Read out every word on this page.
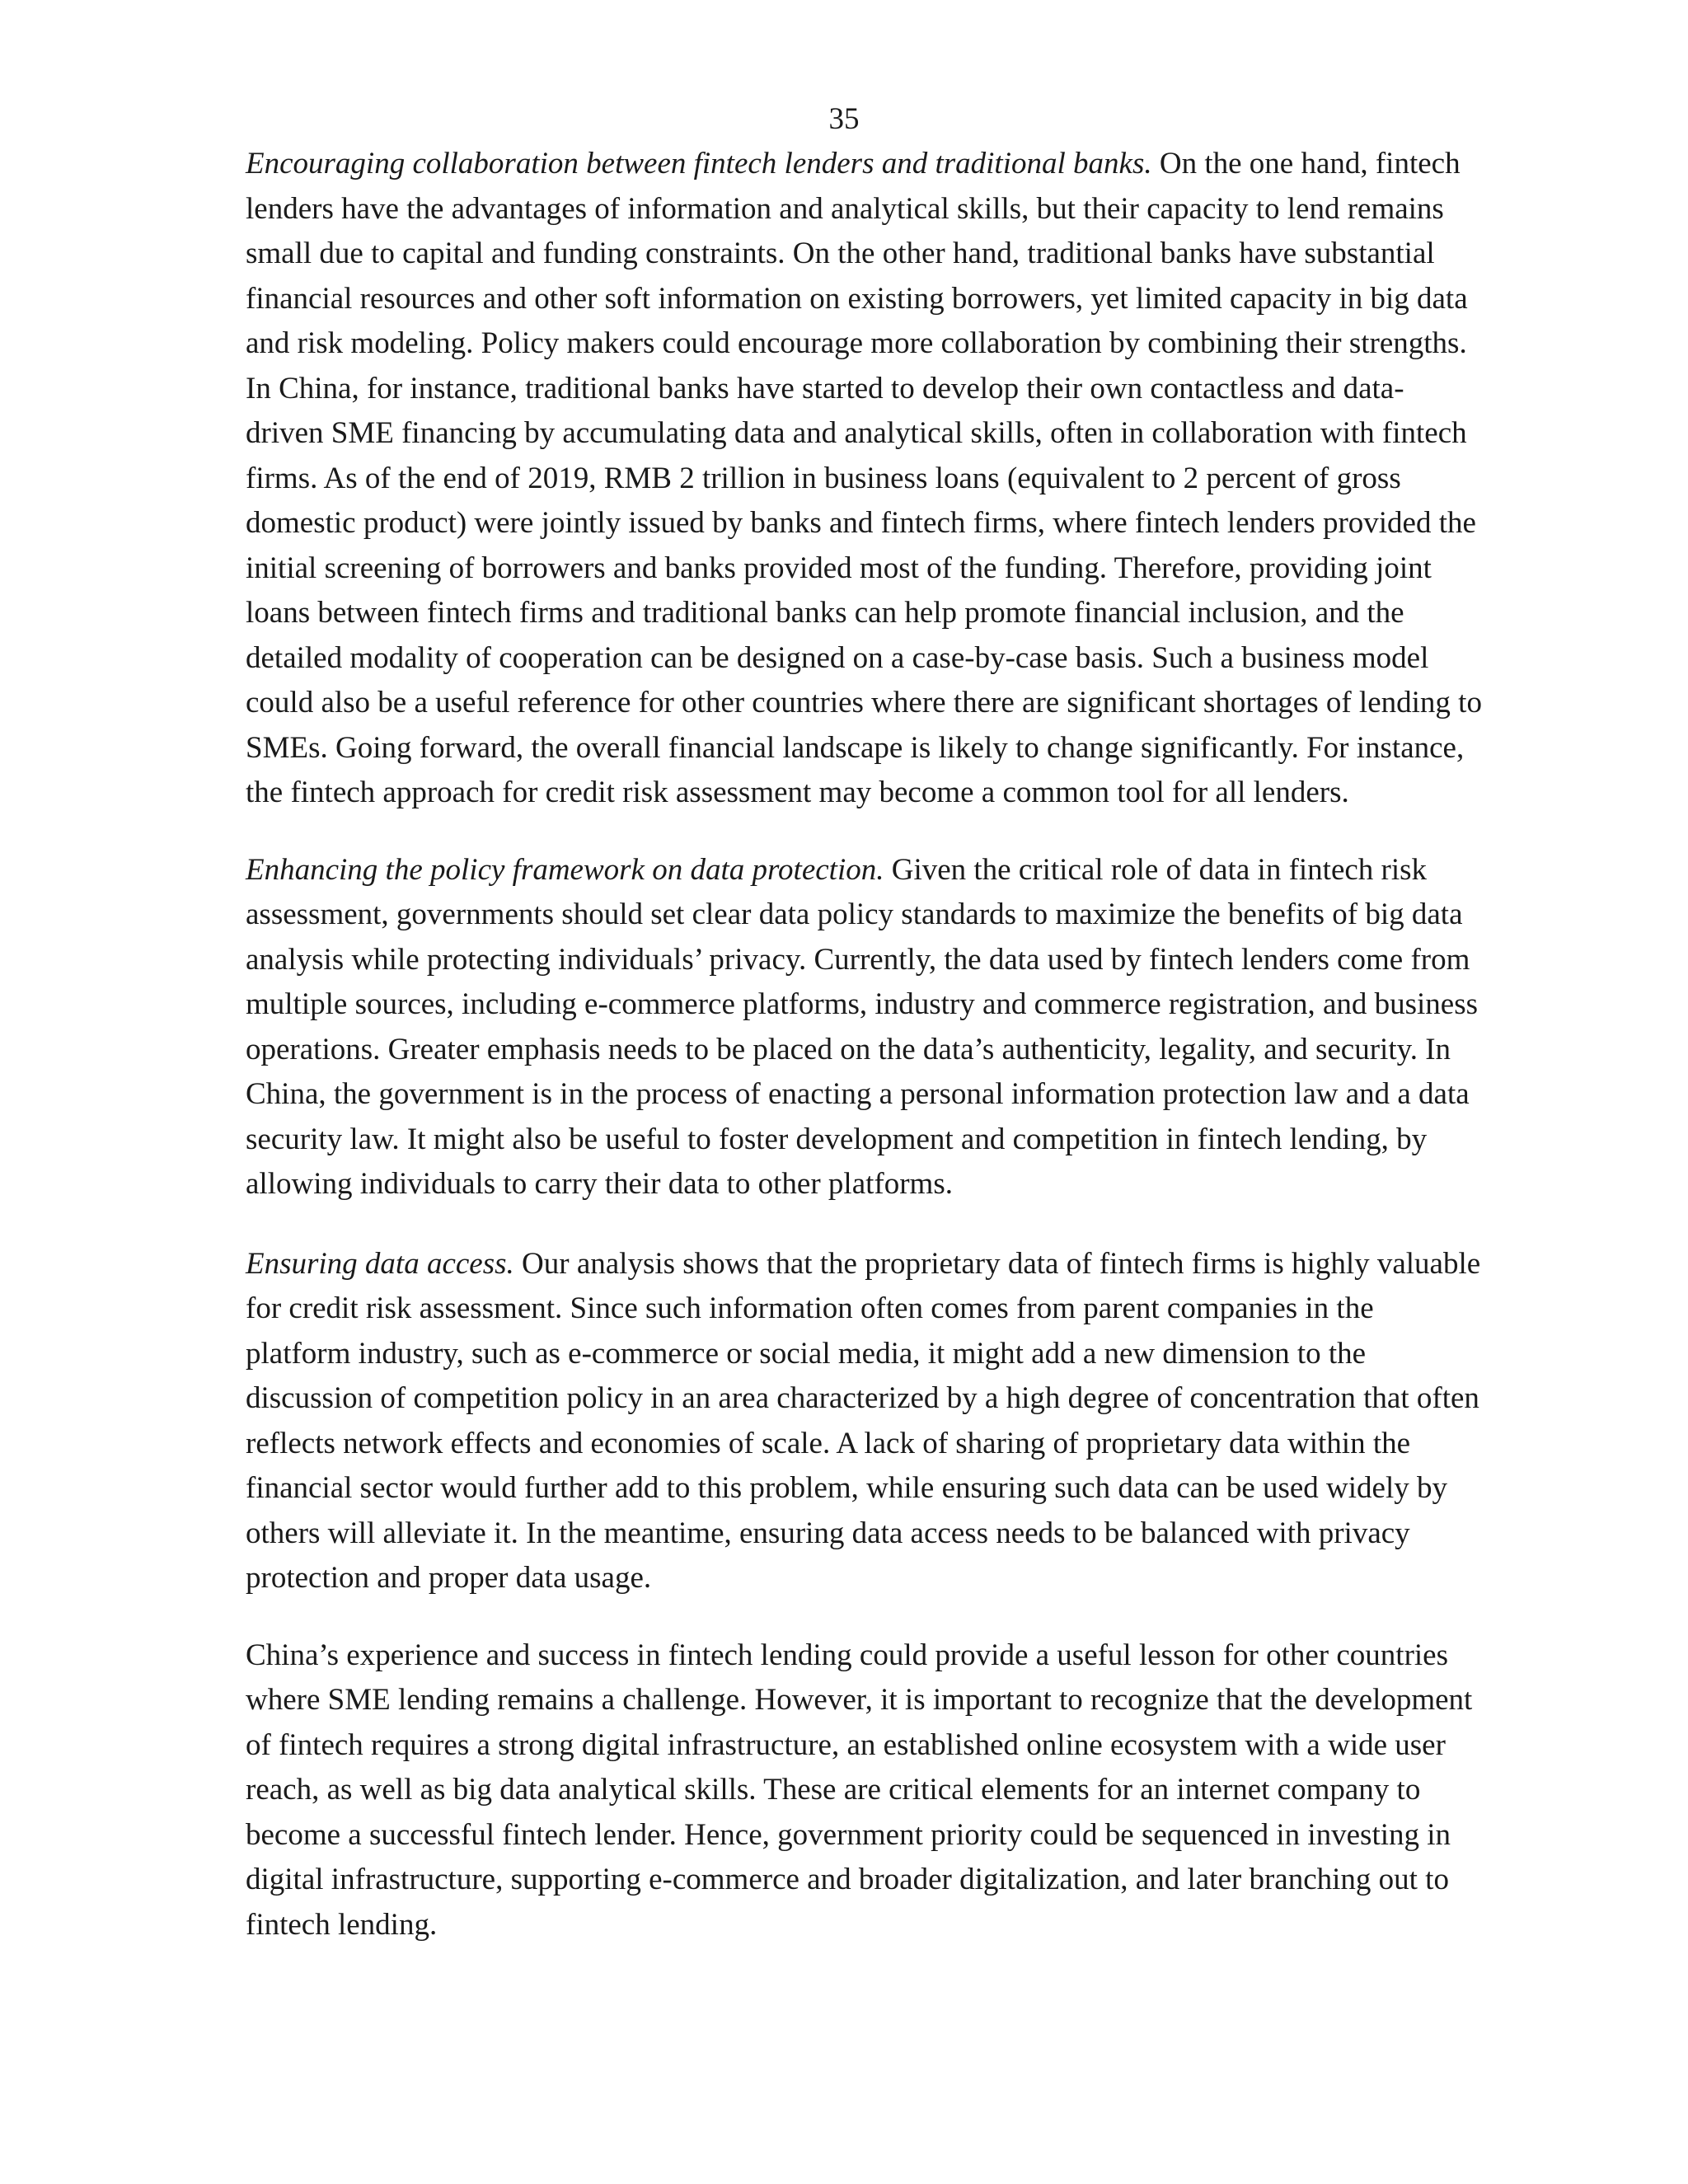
35

Encouraging collaboration between fintech lenders and traditional banks. On the one hand, fintech lenders have the advantages of information and analytical skills, but their capacity to lend remains small due to capital and funding constraints. On the other hand, traditional banks have substantial financial resources and other soft information on existing borrowers, yet limited capacity in big data and risk modeling. Policy makers could encourage more collaboration by combining their strengths. In China, for instance, traditional banks have started to develop their own contactless and data-driven SME financing by accumulating data and analytical skills, often in collaboration with fintech firms. As of the end of 2019, RMB 2 trillion in business loans (equivalent to 2 percent of gross domestic product) were jointly issued by banks and fintech firms, where fintech lenders provided the initial screening of borrowers and banks provided most of the funding. Therefore, providing joint loans between fintech firms and traditional banks can help promote financial inclusion, and the detailed modality of cooperation can be designed on a case-by-case basis. Such a business model could also be a useful reference for other countries where there are significant shortages of lending to SMEs. Going forward, the overall financial landscape is likely to change significantly. For instance, the fintech approach for credit risk assessment may become a common tool for all lenders.

Enhancing the policy framework on data protection. Given the critical role of data in fintech risk assessment, governments should set clear data policy standards to maximize the benefits of big data analysis while protecting individuals’ privacy. Currently, the data used by fintech lenders come from multiple sources, including e-commerce platforms, industry and commerce registration, and business operations. Greater emphasis needs to be placed on the data’s authenticity, legality, and security. In China, the government is in the process of enacting a personal information protection law and a data security law. It might also be useful to foster development and competition in fintech lending, by allowing individuals to carry their data to other platforms.

Ensuring data access. Our analysis shows that the proprietary data of fintech firms is highly valuable for credit risk assessment. Since such information often comes from parent companies in the platform industry, such as e-commerce or social media, it might add a new dimension to the discussion of competition policy in an area characterized by a high degree of concentration that often reflects network effects and economies of scale. A lack of sharing of proprietary data within the financial sector would further add to this problem, while ensuring such data can be used widely by others will alleviate it. In the meantime, ensuring data access needs to be balanced with privacy protection and proper data usage.

China’s experience and success in fintech lending could provide a useful lesson for other countries where SME lending remains a challenge. However, it is important to recognize that the development of fintech requires a strong digital infrastructure, an established online ecosystem with a wide user reach, as well as big data analytical skills. These are critical elements for an internet company to become a successful fintech lender. Hence, government priority could be sequenced in investing in digital infrastructure, supporting e-commerce and broader digitalization, and later branching out to fintech lending.
